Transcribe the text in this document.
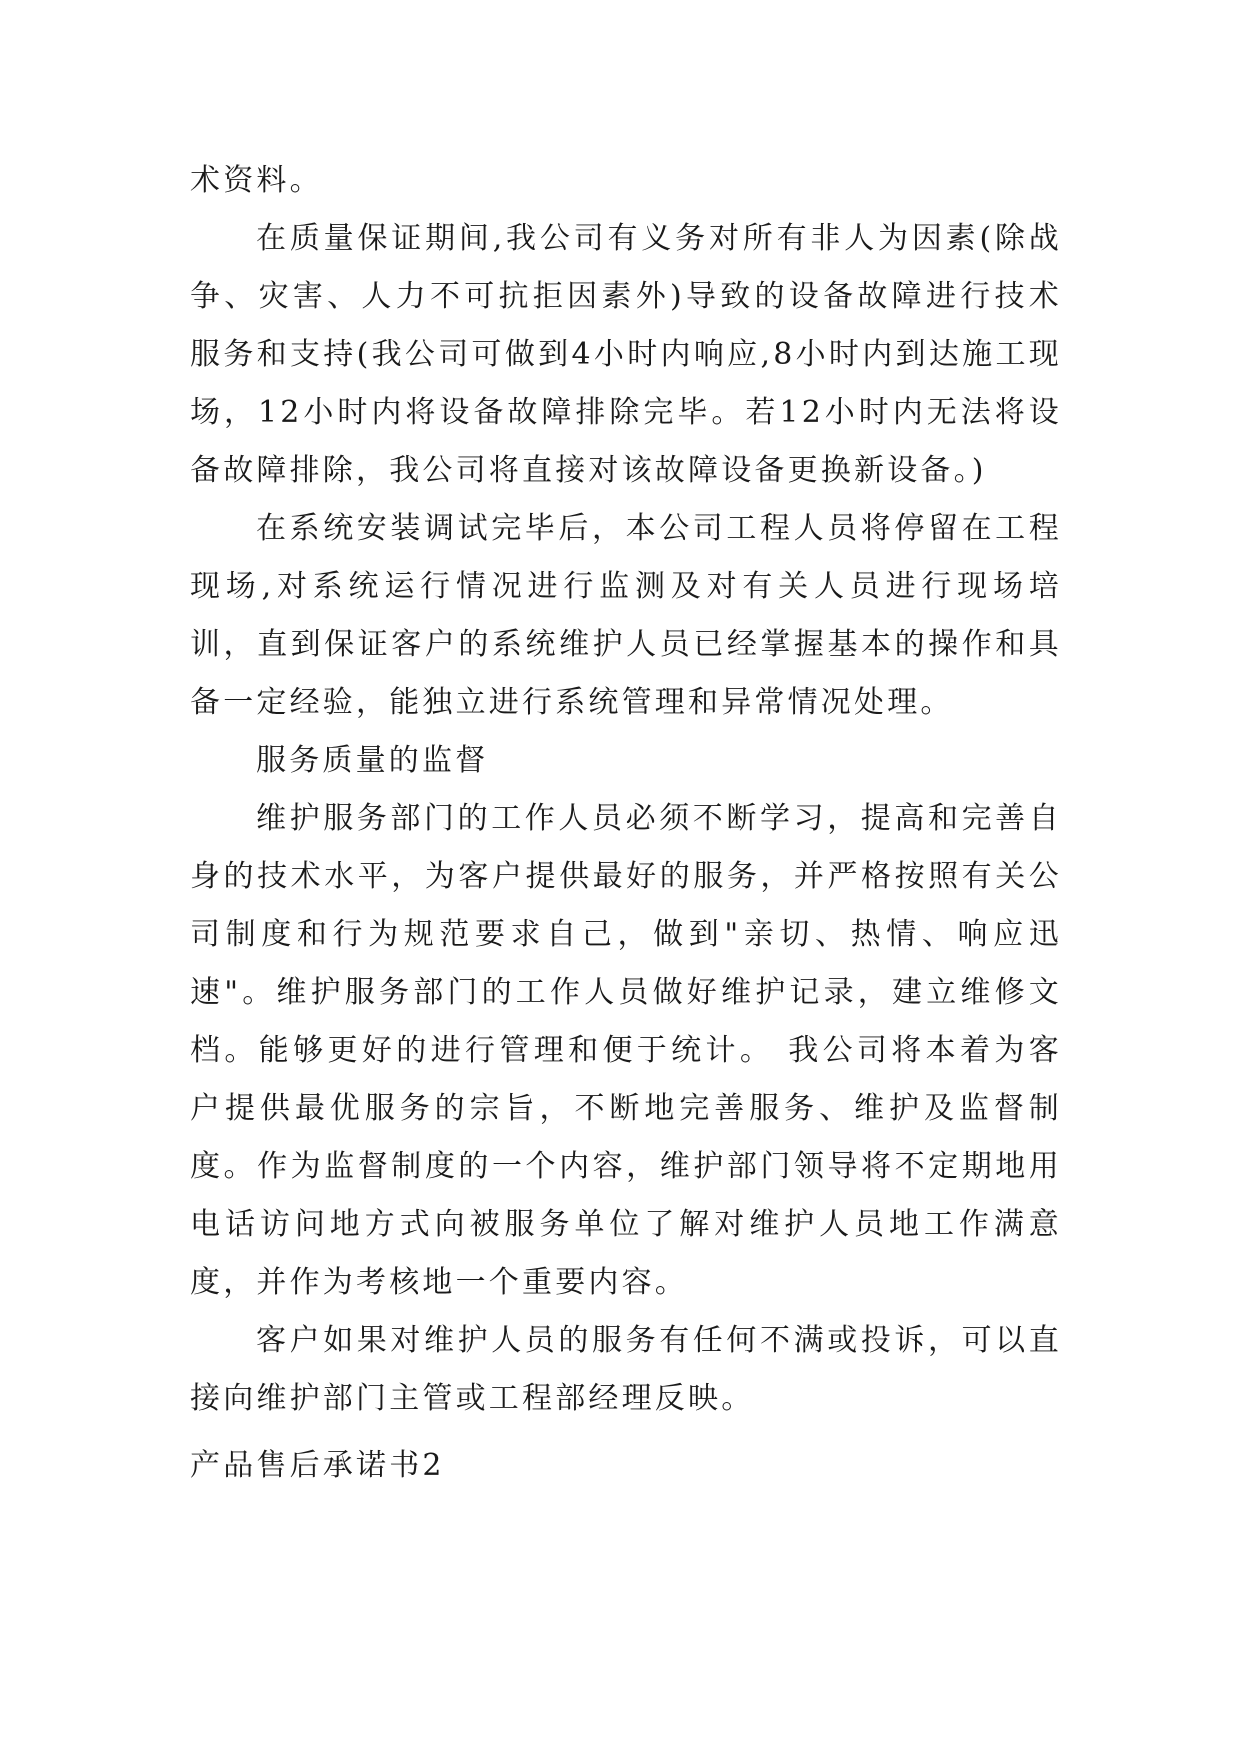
术资料。

在质量保证期间,我公司有义务对所有非人为因素(除战争、灾害、人力不可抗拒因素外)导致的设备故障进行技术服务和支持(我公司可做到4小时内响应,8小时内到达施工现场，12小时内将设备故障排除完毕。若12小时内无法将设备故障排除，我公司将直接对该故障设备更换新设备。)

在系统安装调试完毕后，本公司工程人员将停留在工程现场,对系统运行情况进行监测及对有关人员进行现场培训，直到保证客户的系统维护人员已经掌握基本的操作和具备一定经验，能独立进行系统管理和异常情况处理。

服务质量的监督

维护服务部门的工作人员必须不断学习，提高和完善自身的技术水平，为客户提供最好的服务，并严格按照有关公司制度和行为规范要求自己，做到"亲切、热情、响应迅速"。维护服务部门的工作人员做好维护记录，建立维修文档。能够更好的进行管理和便于统计。 我公司将本着为客户提供最优服务的宗旨，不断地完善服务、维护及监督制度。作为监督制度的一个内容，维护部门领导将不定期地用电话访问地方式向被服务单位了解对维护人员地工作满意度，并作为考核地一个重要内容。

客户如果对维护人员的服务有任何不满或投诉，可以直接向维护部门主管或工程部经理反映。

产品售后承诺书2
